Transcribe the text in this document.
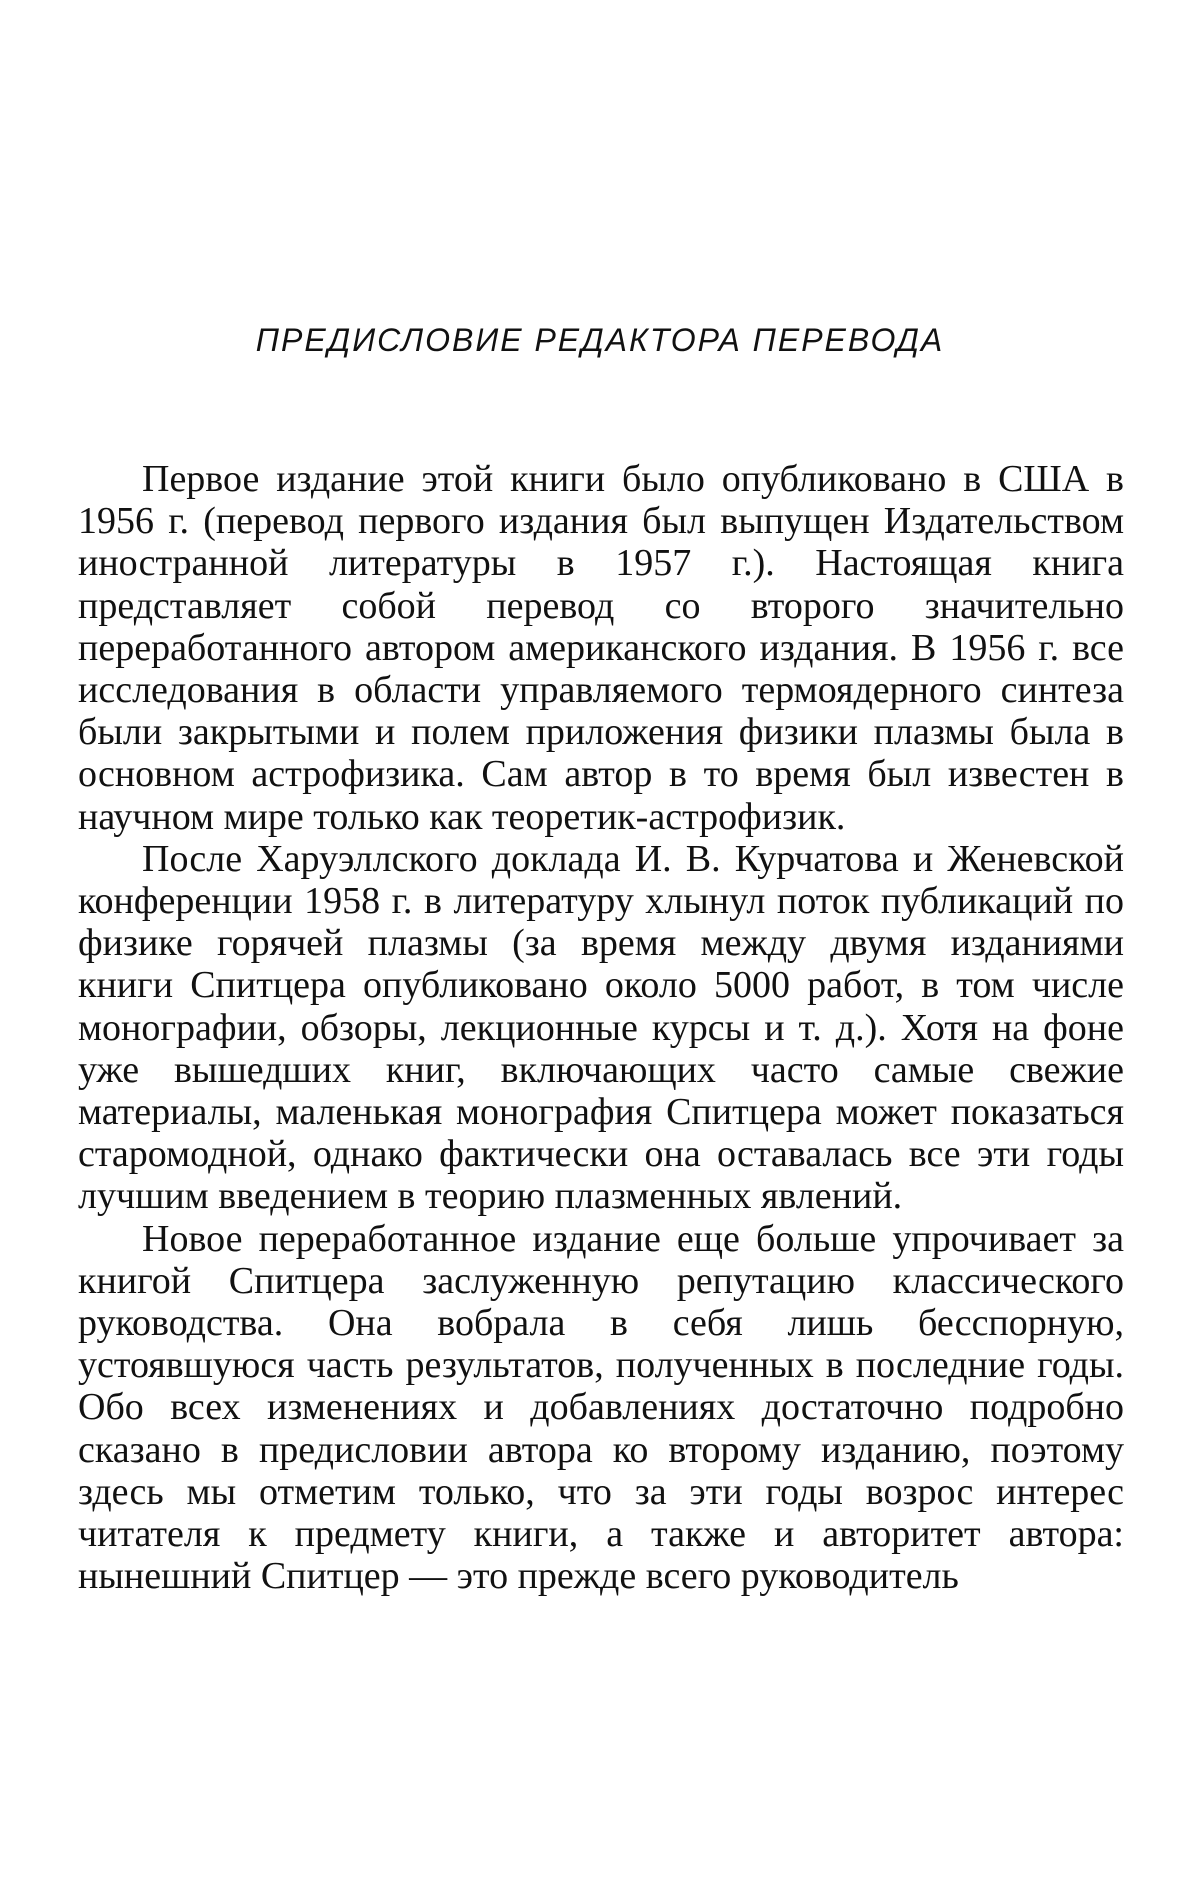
ПРЕДИСЛОВИЕ РЕДАКТОРА ПЕРЕВОДА

Первое издание этой книги было опубликовано в США в 1956 г. (перевод первого издания был выпущен Издательством иностранной литературы в 1957 г.). Настоящая книга представляет собой перевод со второго значительно переработанного автором американского издания. В 1956 г. все исследования в области управляемого термоядерного синтеза были закрытыми и полем приложения физики плазмы была в основном астрофизика. Сам автор в то время был известен в научном мире только как теоретик-астрофизик.

После Харуэллского доклада И. В. Курчатова и Женевской конференции 1958 г. в литературу хлынул поток публикаций по физике горячей плазмы (за время между двумя изданиями книги Спитцера опубликовано около 5000 работ, в том числе монографии, обзоры, лекционные курсы и т. д.). Хотя на фоне уже вышедших книг, включающих часто самые свежие материалы, маленькая монография Спитцера может показаться старомодной, однако фактически она оставалась все эти годы лучшим введением в теорию плазменных явлений.

Новое переработанное издание еще больше упрочивает за книгой Спитцера заслуженную репутацию классического руководства. Она вобрала в себя лишь бесспорную, устоявшуюся часть результатов, полученных в последние годы. Обо всех изменениях и добавлениях достаточно подробно сказано в предисловии автора ко второму изданию, поэтому здесь мы отметим только, что за эти годы возрос интерес читателя к предмету книги, а также и авторитет автора: нынешний Спитцер — это прежде всего руководитель
